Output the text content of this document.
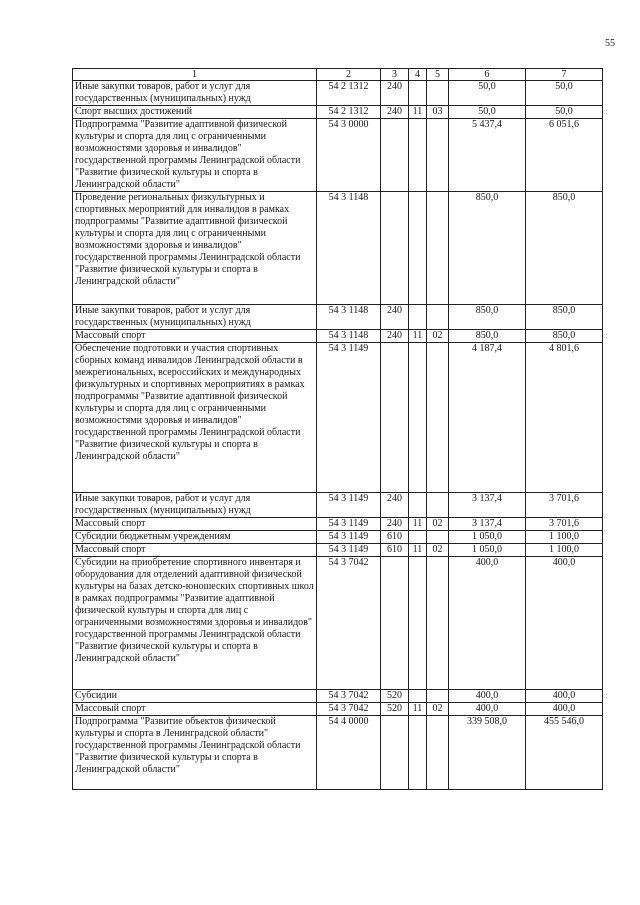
55
1	2	3	4	5	6	7
Иные закупки товаров, работ и услуг для государственных (муниципальных) нужд	54 2 1312	240			50,0	50,0
Спорт высших достижений	54 2 1312	240	11	03	50,0	50,0
Подпрограмма "Развитие адаптивной физической культуры и спорта для лиц с ограниченными возможностями здоровья и инвалидов" государственной программы Ленинградской области "Развитие физической культуры и спорта в Ленинградской области"	54 3 0000				5 437,4	6 051,6
Проведение региональных физкультурных и спортивных мероприятий для инвалидов в рамках подпрограммы "Развитие адаптивной физической культуры и спорта для лиц с ограниченными возможностями здоровья и инвалидов" государственной программы Ленинградской области "Развитие физической культуры и спорта в Ленинградской области"	54 3 1148				850,0	850,0
Иные закупки товаров, работ и услуг для государственных (муниципальных) нужд	54 3 1148	240			850,0	850,0
Массовый спорт	54 3 1148	240	11	02	850,0	850,0
Обеспечение подготовки и участия спортивных сборных команд инвалидов Ленинградской области в межрегиональных, всероссийских и международных физкультурных и спортивных мероприятиях в рамках подпрограммы "Развитие адаптивной физической культуры и спорта для лиц с ограниченными возможностями здоровья и инвалидов" государственной программы Ленинградской области "Развитие физической культуры и спорта в Ленинградской области"	54 3 1149				4 187,4	4 801,6
Иные закупки товаров, работ и услуг для государственных (муниципальных) нужд	54 3 1149	240			3 137,4	3 701,6
Массовый спорт	54 3 1149	240	11	02	3 137,4	3 701,6
Субсидии бюджетным учреждениям	54 3 1149	610			1 050,0	1 100,0
Массовый спорт	54 3 1149	610	11	02	1 050,0	1 100,0
Субсидии на приобретение спортивного инвентаря и оборудования для отделений адаптивной физической культуры на базах детско-юношеских спортивных школ в рамках подпрограммы "Развитие адаптивной физической культуры и спорта для лиц с ограниченными возможностями здоровья и инвалидов" государственной программы Ленинградской области "Развитие физической культуры и спорта в Ленинградской области"	54 3 7042				400,0	400,0
Субсидии	54 3 7042	520			400,0	400,0
Массовый спорт	54 3 7042	520	11	02	400,0	400,0
Подпрограмма "Развитие объектов физической культуры и спорта в Ленинградской области" государственной программы Ленинградской области "Развитие физической культуры и спорта в Ленинградской области"	54 4 0000				339 508,0	455 546,0
